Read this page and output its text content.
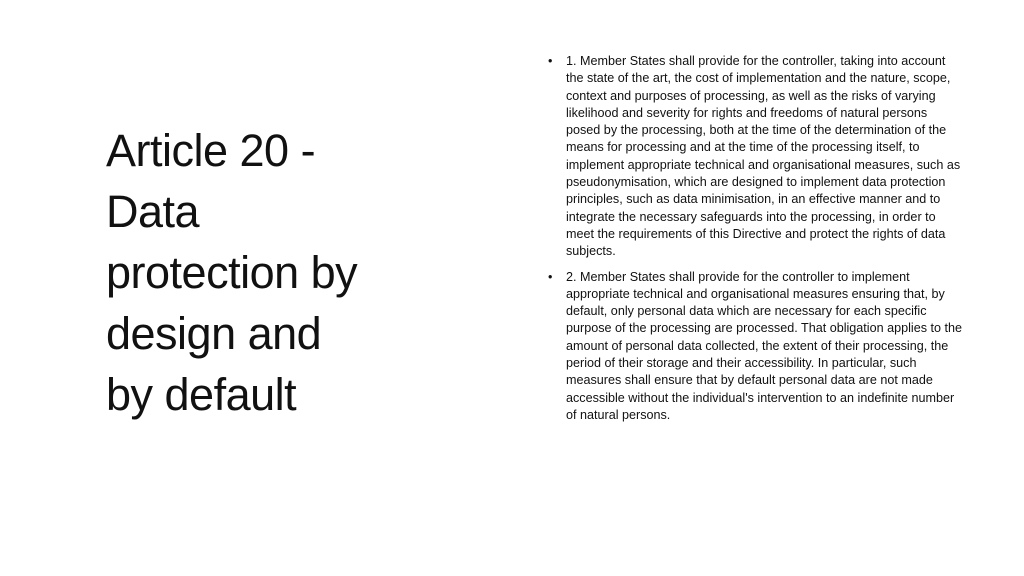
Article 20 -
Data
protection by
design and
by default
• 1. Member States shall provide for the controller, taking into account the state of the art, the cost of implementation and the nature, scope, context and purposes of processing, as well as the risks of varying likelihood and severity for rights and freedoms of natural persons posed by the processing, both at the time of the determination of the means for processing and at the time of the processing itself, to implement appropriate technical and organisational measures, such as pseudonymisation, which are designed to implement data protection principles, such as data minimisation, in an effective manner and to integrate the necessary safeguards into the processing, in order to meet the requirements of this Directive and protect the rights of data subjects.
• 2. Member States shall provide for the controller to implement appropriate technical and organisational measures ensuring that, by default, only personal data which are necessary for each specific purpose of the processing are processed. That obligation applies to the amount of personal data collected, the extent of their processing, the period of their storage and their accessibility. In particular, such measures shall ensure that by default personal data are not made accessible without the individual's intervention to an indefinite number of natural persons.
